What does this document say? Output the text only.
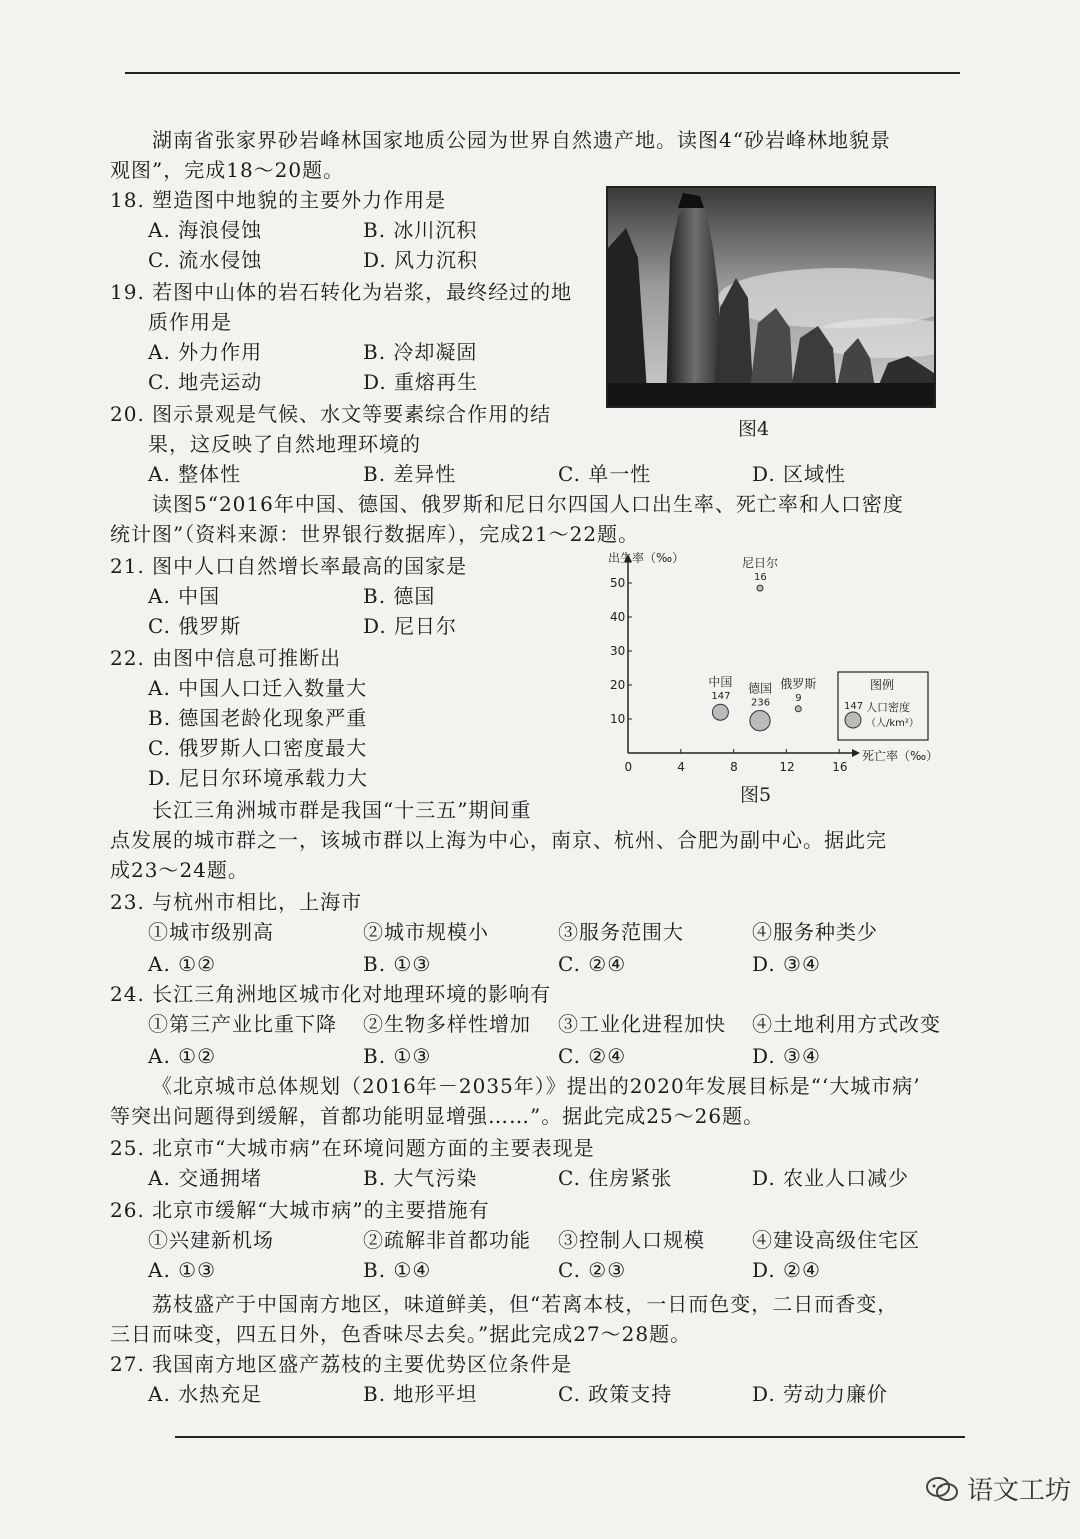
湖南省张家界砂岩峰林国家地质公园为世界自然遗产地。读图4“砂岩峰林地貌景
观图”，完成18～20题。
18. 塑造图中地貌的主要外力作用是
A. 海浪侵蚀	B. 冰川沉积
C. 流水侵蚀	D. 风力沉积
19. 若图中山体的岩石转化为岩浆，最终经过的地
质作用是
A. 外力作用	B. 冷却凝固
C. 地壳运动	D. 重熔再生
图4
20. 图示景观是气候、水文等要素综合作用的结
果，这反映了自然地理环境的
A. 整体性	B. 差异性	C. 单一性	D. 区域性
读图5“2016年中国、德国、俄罗斯和尼日尔四国人口出生率、死亡率和人口密度
统计图”（资料来源：世界银行数据库），完成21～22题。
21. 图中人口自然增长率最高的国家是
A. 中国	B. 德国
C. 俄罗斯	D. 尼日尔
22. 由图中信息可推断出
A. 中国人口迁入数量大
B. 德国老龄化现象严重
C. 俄罗斯人口密度最大
D. 尼日尔环境承载力大
出生率（‰）
死亡率（‰）
10
20
30
40
50
0	4	8	12	16
中国
147
德国
236
俄罗斯
9
尼日尔
16
图例
147 人口密度
（人/km²）
图5
长江三角洲城市群是我国“十三五”期间重
点发展的城市群之一，该城市群以上海为中心，南京、杭州、合肥为副中心。据此完
成23～24题。
23. 与杭州市相比，上海市
①城市级别高	②城市规模小	③服务范围大	④服务种类少
A. ①②	B. ①③	C. ②④	D. ③④
24. 长江三角洲地区城市化对地理环境的影响有
①第三产业比重下降 ②生物多样性增加 ③工业化进程加快 ④土地利用方式改变
A. ①②	B. ①③	C. ②④	D. ③④
《北京城市总体规划（2016年－2035年）》提出的2020年发展目标是“‘大城市病’
等突出问题得到缓解，首都功能明显增强……”。据此完成25～26题。
25. 北京市“大城市病”在环境问题方面的主要表现是
A. 交通拥堵	B. 大气污染	C. 住房紧张	D. 农业人口减少
26. 北京市缓解“大城市病”的主要措施有
①兴建新机场	②疏解非首都功能 ③控制人口规模 ④建设高级住宅区
A. ①③	B. ①④	C. ②③	D. ②④
荔枝盛产于中国南方地区，味道鲜美，但“若离本枝，一日而色变，二日而香变，
三日而味变，四五日外，色香味尽去矣。”据此完成27～28题。
27. 我国南方地区盛产荔枝的主要优势区位条件是
A. 水热充足	B. 地形平坦	C. 政策支持	D. 劳动力廉价
语文工坊
